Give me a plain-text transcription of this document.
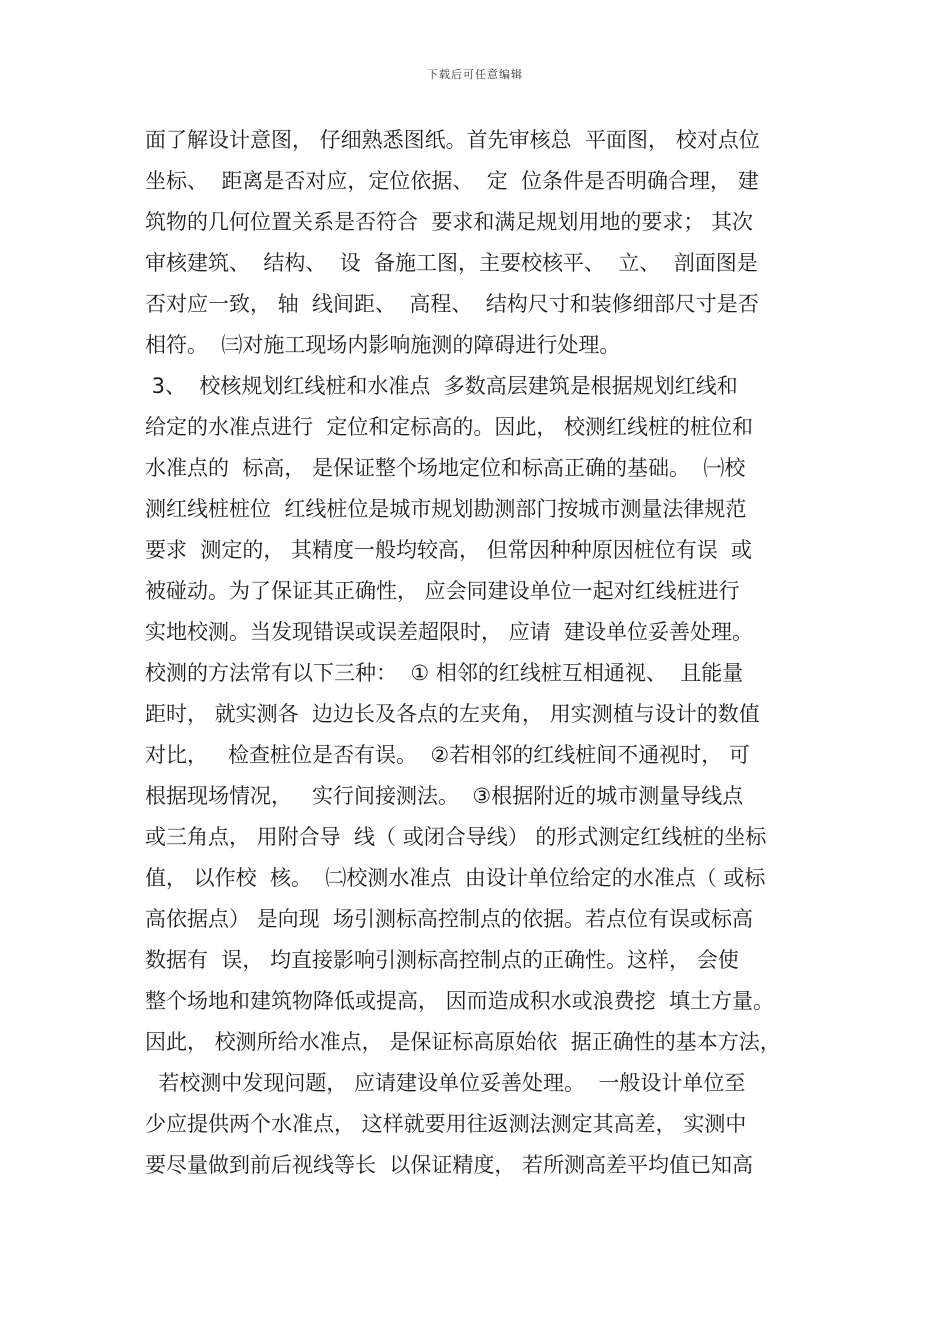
下载后可任意编辑
面了解设计意图， 仔细熟悉图纸。首先审核总  平面图， 校对点位
坐标、  距离是否对应，定位依据、  定  位条件是否明确合理， 建
筑物的几何位置关系是否符合  要求和满足规划用地的要求； 其次
审核建筑、  结构、  设  备施工图，主要校核平、  立、  剖面图是
否对应一致， 轴  线间距、  高程、  结构尺寸和装修细部尺寸是否
相符。  ㈢对施工现场内影响施测的障碍进行处理。
3、  校核规划红线桩和水准点  多数高层建筑是根据规划红线和
给定的水准点进行  定位和定标高的。因此， 校测红线桩的桩位和
水准点的  标高， 是保证整个场地定位和标高正确的基础。  ㈠校
测红线桩桩位  红线桩位是城市规划勘测部门按城市测量法律规范
要求  测定的， 其精度一般均较高， 但常因种种原因桩位有误  或
被碰动。为了保证其正确性， 应会同建设单位一起对红线桩进行
实地校测。当发现错误或误差超限时， 应请  建设单位妥善处理。
校测的方法常有以下三种：  ① 相邻的红线桩互相通视、  且能量
距时， 就实测各  边边长及各点的左夹角， 用实测植与设计的数值
对比，   检查桩位是否有误。  ②若相邻的红线桩间不通视时， 可
根据现场情况，   实行间接测法。  ③根据附近的城市测量导线点
或三角点， 用附合导  线（ 或闭合导线） 的形式测定红线桩的坐标
值， 以作校  核。  ㈡校测水准点  由设计单位给定的水准点（ 或标
高依据点） 是向现  场引测标高控制点的依据。若点位有误或标高
数据有  误， 均直接影响引测标高控制点的正确性。这样， 会使
整个场地和建筑物降低或提高， 因而造成积水或浪费挖  填土方量。
因此， 校测所给水准点， 是保证标高原始依  据正确性的基本方法，
若校测中发现问题， 应请建设单位妥善处理。  一般设计单位至
少应提供两个水准点， 这样就要用往返测法测定其高差， 实测中
要尽量做到前后视线等长  以保证精度， 若所测高差平均值已知高
